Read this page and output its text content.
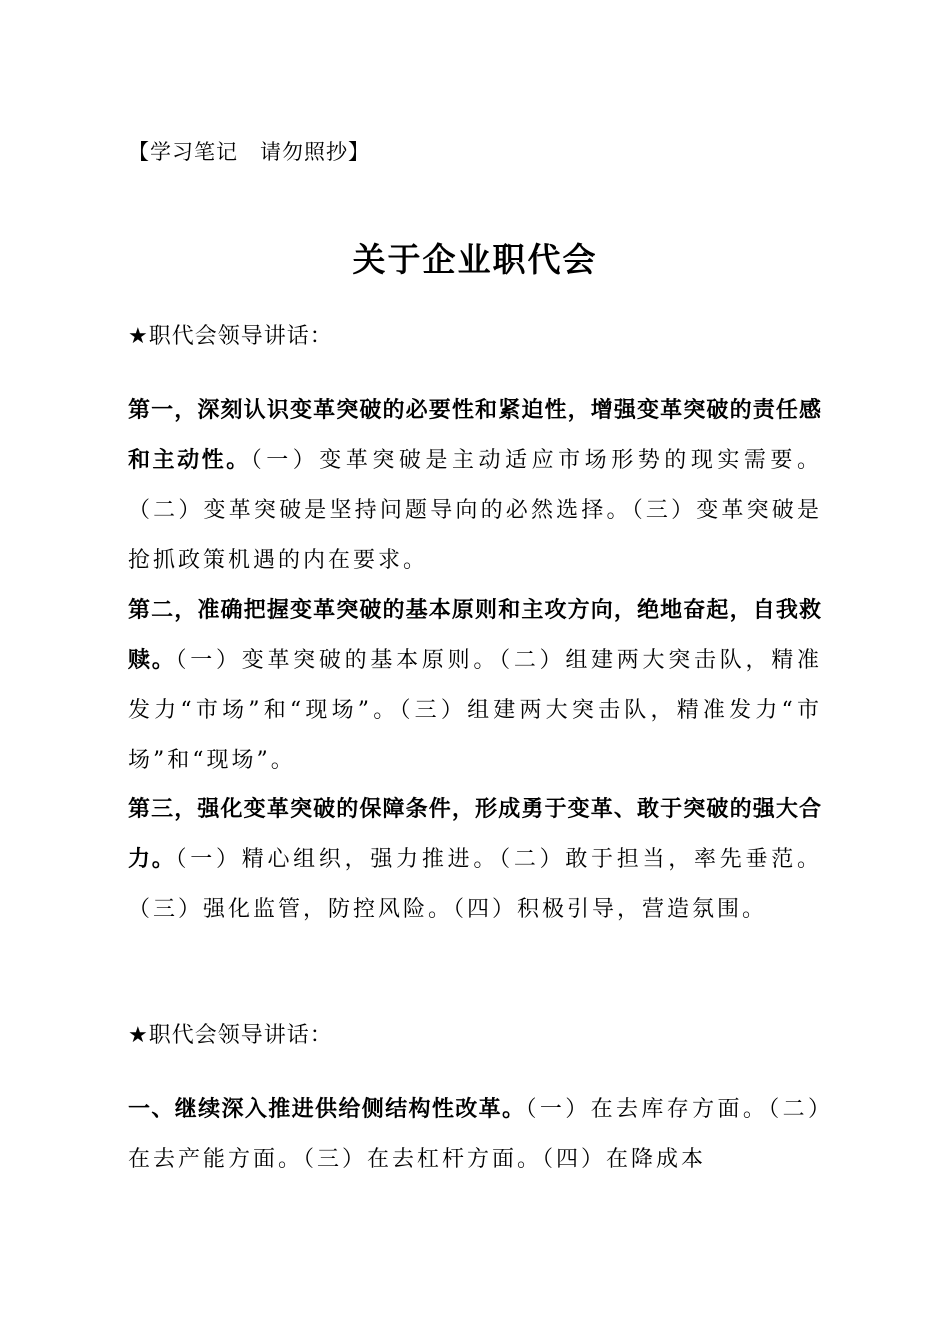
【学习笔记　请勿照抄】
关于企业职代会
★职代会领导讲话：
第一，深刻认识变革突破的必要性和紧迫性，增强变革突破的责任感和主动性。（一）变革突破是主动适应市场形势的现实需要。（二）变革突破是坚持问题导向的必然选择。（三）变革突破是抢抓政策机遇的内在要求。
第二，准确把握变革突破的基本原则和主攻方向，绝地奋起，自我救赎。（一）变革突破的基本原则。（二）组建两大突击队，精准发力“市场”和“现场”。（三）组建两大突击队，精准发力“市场”和“现场”。
第三，强化变革突破的保障条件，形成勇于变革、敢于突破的强大合力。（一）精心组织，强力推进。（二）敢于担当，率先垂范。（三）强化监管，防控风险。（四）积极引导，营造氛围。
★职代会领导讲话：
一、继续深入推进供给侧结构性改革。（一）在去库存方面。（二）在去产能方面。（三）在去杠杆方面。（四）在降成本
